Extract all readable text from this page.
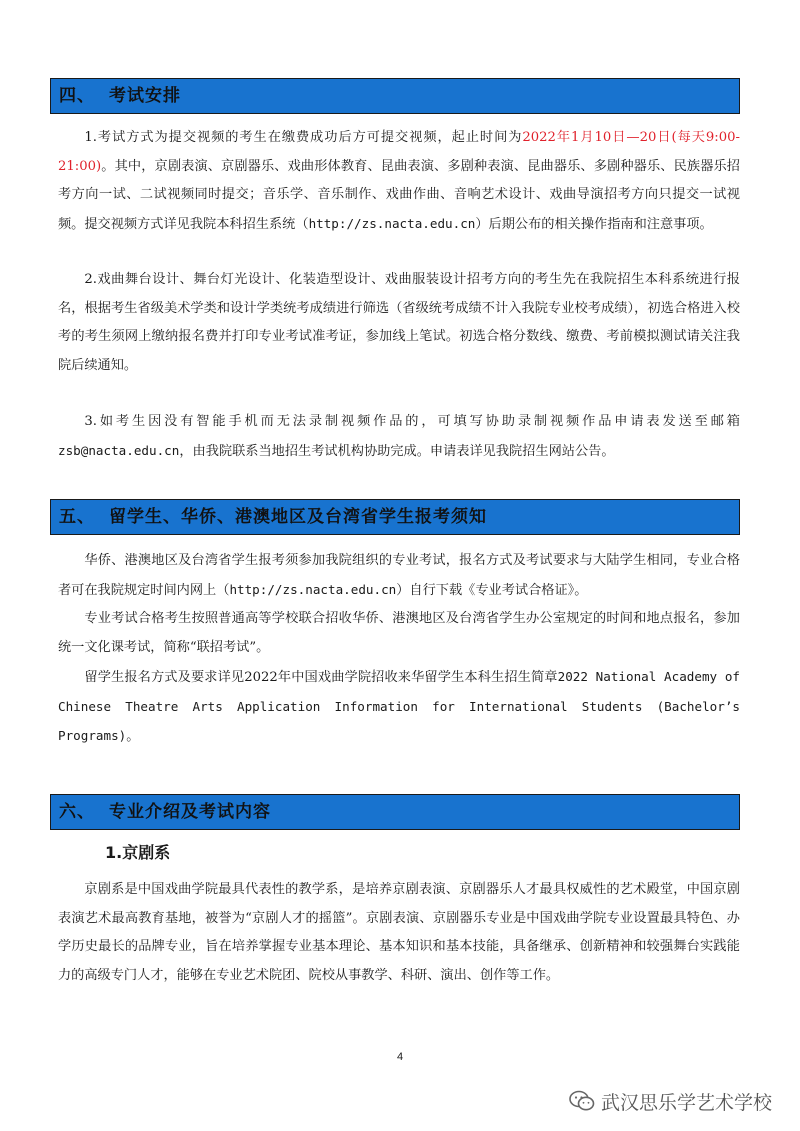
四、 考试安排

1.考试方式为提交视频的考生在缴费成功后方可提交视频，起止时间为2022年1月10日—20日(每天9:00-21:00)。其中，京剧表演、京剧器乐、戏曲形体教育、昆曲表演、多剧种表演、昆曲器乐、多剧种器乐、民族器乐招考方向一试、二试视频同时提交；音乐学、音乐制作、戏曲作曲、音响艺术设计、戏曲导演招考方向只提交一试视频。提交视频方式详见我院本科招生系统（http://zs.nacta.edu.cn）后期公布的相关操作指南和注意事项。

2.戏曲舞台设计、舞台灯光设计、化装造型设计、戏曲服装设计招考方向的考生先在我院招生本科系统进行报名，根据考生省级美术学类和设计学类统考成绩进行筛选（省级统考成绩不计入我院专业校考成绩），初选合格进入校考的考生须网上缴纳报名费并打印专业考试准考证，参加线上笔试。初选合格分数线、缴费、考前模拟测试请关注我院后续通知。

3.如考生因没有智能手机而无法录制视频作品的，可填写协助录制视频作品申请表发送至邮箱zsb@nacta.edu.cn，由我院联系当地招生考试机构协助完成。申请表详见我院招生网站公告。

五、 留学生、华侨、港澳地区及台湾省学生报考须知

华侨、港澳地区及台湾省学生报考须参加我院组织的专业考试，报名方式及考试要求与大陆学生相同，专业合格者可在我院规定时间内网上（http://zs.nacta.edu.cn）自行下载《专业考试合格证》。

专业考试合格考生按照普通高等学校联合招收华侨、港澳地区及台湾省学生办公室规定的时间和地点报名，参加统一文化课考试，简称“联招考试”。

留学生报名方式及要求详见2022年中国戏曲学院招收来华留学生本科生招生简章2022 National Academy of Chinese Theatre Arts Application Information for International Students (Bachelor’s Programs)。

六、 专业介绍及考试内容
1.京剧系

京剧系是中国戏曲学院最具代表性的教学系，是培养京剧表演、京剧器乐人才最具权威性的艺术殿堂，中国京剧表演艺术最高教育基地，被誉为“京剧人才的摇篮”。京剧表演、京剧器乐专业是中国戏曲学院专业设置最具特色、办学历史最长的品牌专业，旨在培养掌握专业基本理论、基本知识和基本技能，具备继承、创新精神和较强舞台实践能力的高级专门人才，能够在专业艺术院团、院校从事教学、科研、演出、创作等工作。

4
武汉思乐学艺术学校
